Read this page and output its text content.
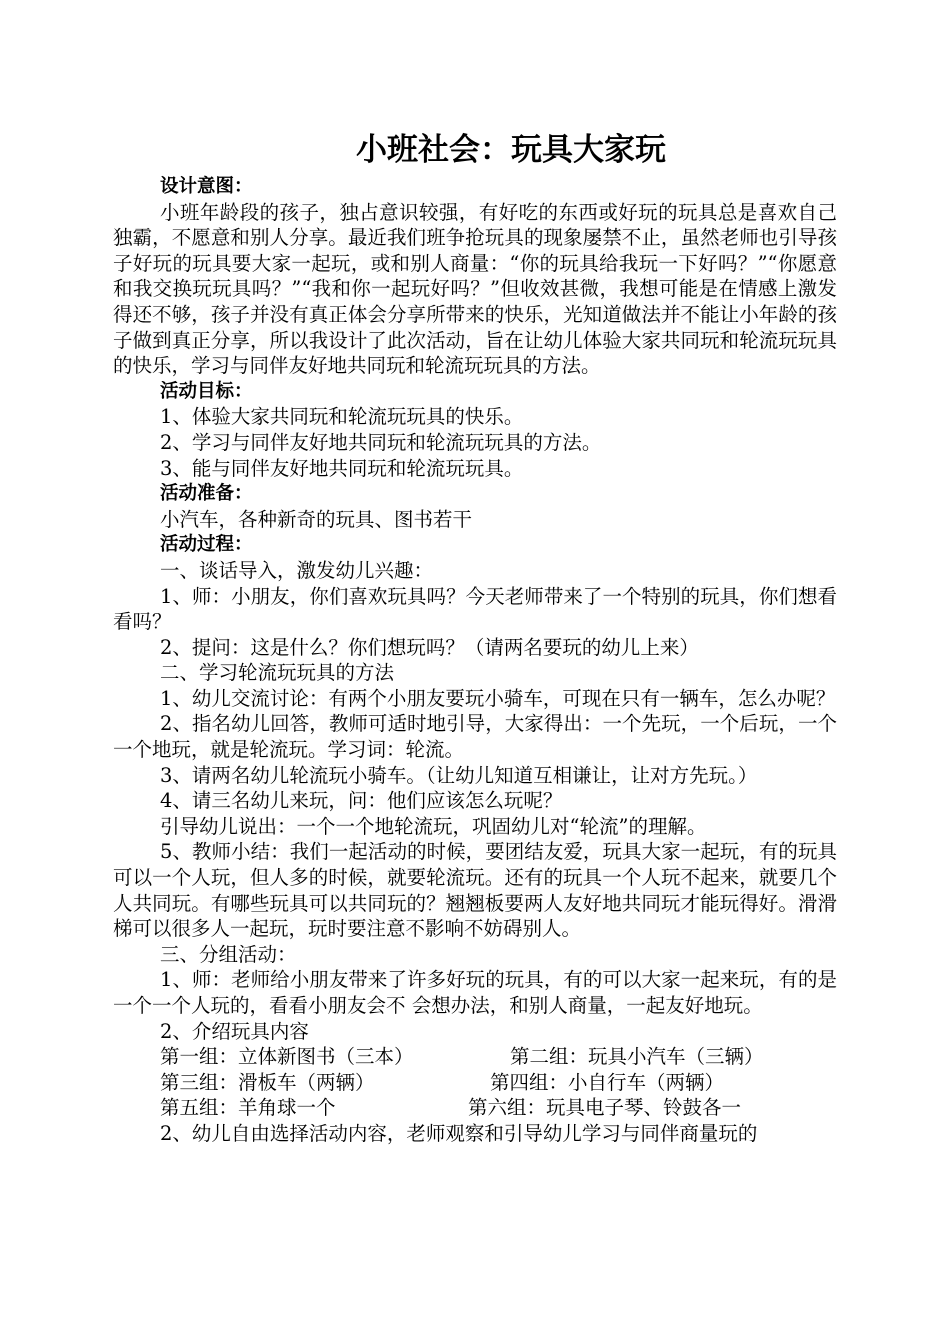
小班社会：玩具大家玩
设计意图：

小班年龄段的孩子，独占意识较强，有好吃的东西或好玩的玩具总是喜欢自己独霸，不愿意和别人分享。最近我们班争抢玩具的现象屡禁不止，虽然老师也引导孩子好玩的玩具要大家一起玩，或和别人商量：“你的玩具给我玩一下好吗？”“你愿意和我交换玩玩具吗？”“我和你一起玩好吗？”但收效甚微，我想可能是在情感上激发得还不够，孩子并没有真正体会分享所带来的快乐，光知道做法并不能让小年龄的孩子做到真正分享，所以我设计了此次活动，旨在让幼儿体验大家共同玩和轮流玩玩具的快乐，学习与同伴友好地共同玩和轮流玩玩具的方法。

活动目标：

1、体验大家共同玩和轮流玩玩具的快乐。

2、学习与同伴友好地共同玩和轮流玩玩具的方法。

3、能与同伴友好地共同玩和轮流玩玩具。

活动准备：

小汽车，各种新奇的玩具、图书若干

活动过程：

一、谈话导入，激发幼儿兴趣：

1、师：小朋友，你们喜欢玩具吗？今天老师带来了一个特别的玩具，你们想看看吗？

2、提问：这是什么？你们想玩吗？（请两名要玩的幼儿上来）

二、学习轮流玩玩具的方法

1、幼儿交流讨论：有两个小朋友要玩小骑车，可现在只有一辆车，怎么办呢？

2、指名幼儿回答，教师可适时地引导，大家得出：一个先玩，一个后玩，一个一个地玩，就是轮流玩。学习词：轮流。

3、请两名幼儿轮流玩小骑车。（让幼儿知道互相谦让，让对方先玩。）

4、请三名幼儿来玩，问：他们应该怎么玩呢？

引导幼儿说出：一个一个地轮流玩，巩固幼儿对“轮流”的理解。

5、教师小结：我们一起活动的时候，要团结友爱，玩具大家一起玩，有的玩具可以一个人玩，但人多的时候，就要轮流玩。还有的玩具一个人玩不起来，就要几个人共同玩。有哪些玩具可以共同玩的？翘翘板要两人友好地共同玩才能玩得好。滑滑梯可以很多人一起玩，玩时要注意不影响不妨碍别人。

三、分组活动：

1、师：老师给小朋友带来了许多好玩的玩具，有的可以大家一起来玩，有的是一个一个人玩的，看看小朋友会不 会想办法，和别人商量，一起友好地玩。

2、介绍玩具内容

第一组：立体新图书（三本）	第二组：玩具小汽车（三辆）
第三组：滑板车（两辆）	第四组：小自行车（两辆）
第五组：羊角球一个	第六组：玩具电子琴、铃鼓各一

2、幼儿自由选择活动内容，老师观察和引导幼儿学习与同伴商量玩的
